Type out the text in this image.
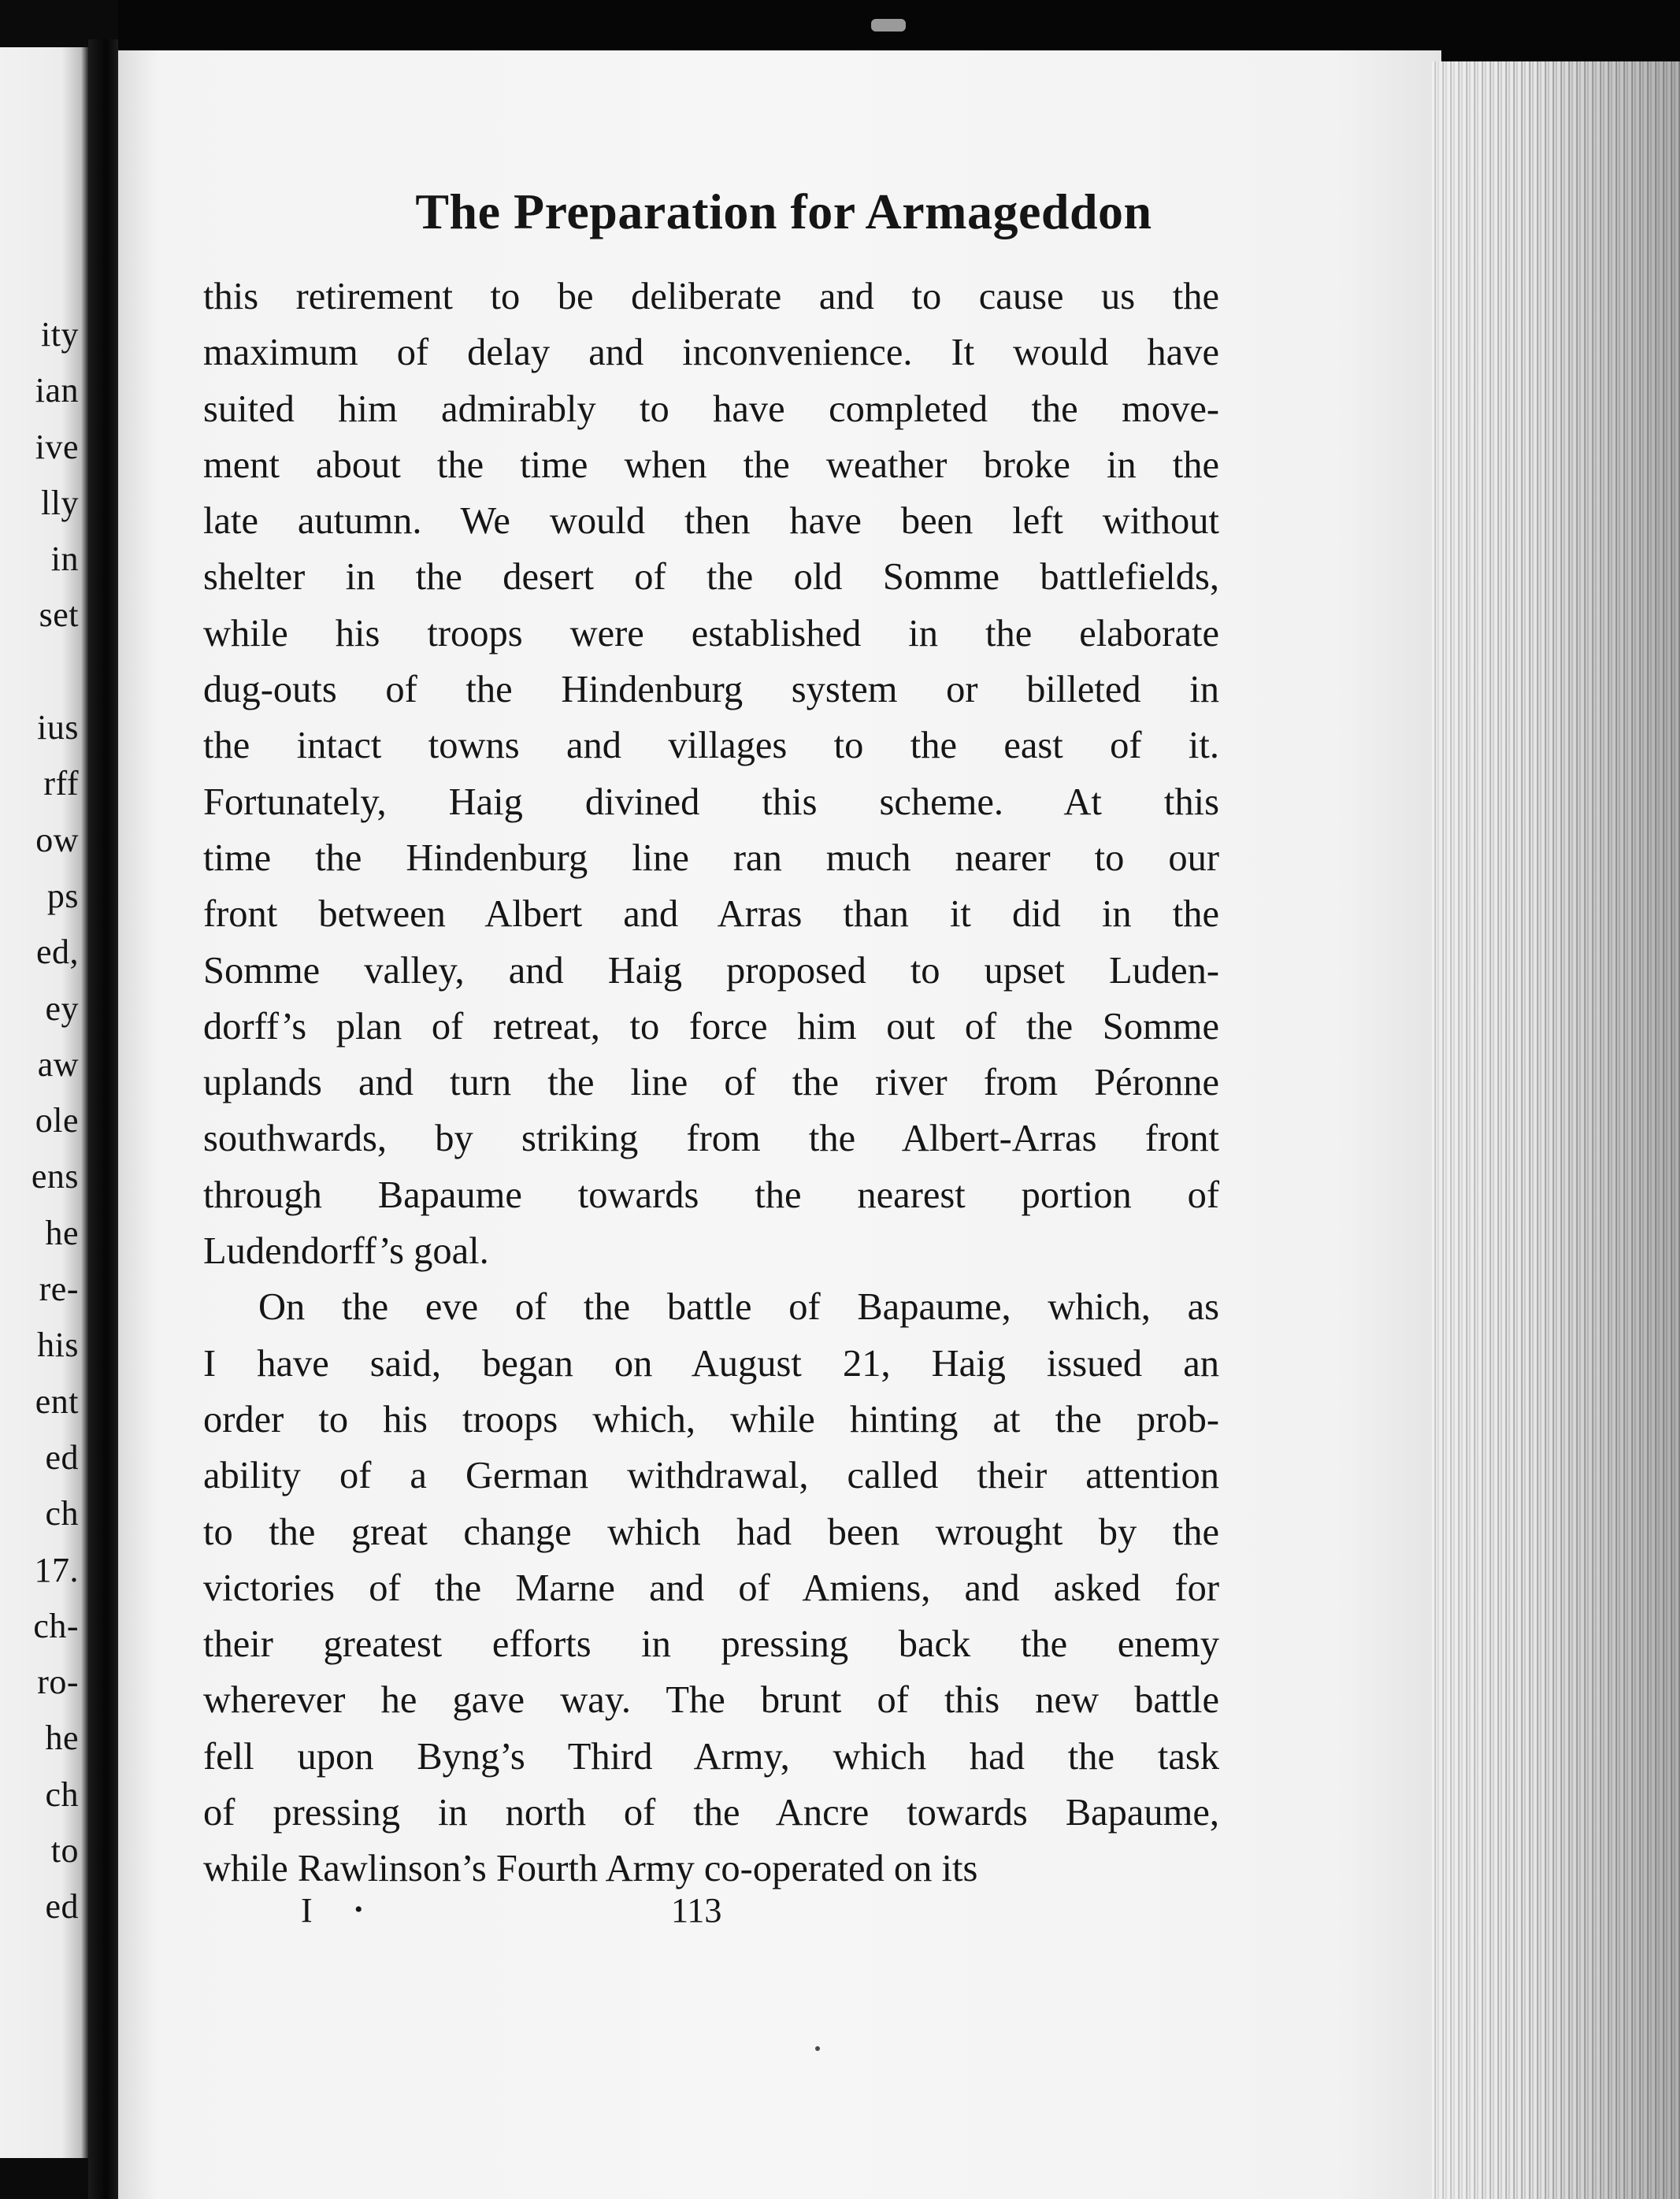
ity
ian
ive
lly
in
set
ius
rff
ow
ps
ed,
ey
aw
ole
ens
he
re-
his
ent
ed
ch
17.
ch-
ro-
he
ch
to
ed
The Preparation for Armageddon
this retirement to be deliberate and to cause us the
maximum of delay and inconvenience. It would have
suited him admirably to have completed the move-
ment about the time when the weather broke in the
late autumn. We would then have been left without
shelter in the desert of the old Somme battlefields,
while his troops were established in the elaborate
dug-outs of the Hindenburg system or billeted in
the intact towns and villages to the east of it.
Fortunately, Haig divined this scheme. At this
time the Hindenburg line ran much nearer to our
front between Albert and Arras than it did in the
Somme valley, and Haig proposed to upset Luden-
dorff’s plan of retreat, to force him out of the Somme
uplands and turn the line of the river from Péronne
southwards, by striking from the Albert-Arras front
through Bapaume towards the nearest portion of
Ludendorff’s goal.
On the eve of the battle of Bapaume, which, as
I have said, began on August 21, Haig issued an
order to his troops which, while hinting at the prob-
ability of a German withdrawal, called their attention
to the great change which had been wrought by the
victories of the Marne and of Amiens, and asked for
their greatest efforts in pressing back the enemy
wherever he gave way. The brunt of this new battle
fell upon Byng’s Third Army, which had the task
of pressing in north of the Ancre towards Bapaume,
while Rawlinson’s Fourth Army co-operated on its
I •	113
